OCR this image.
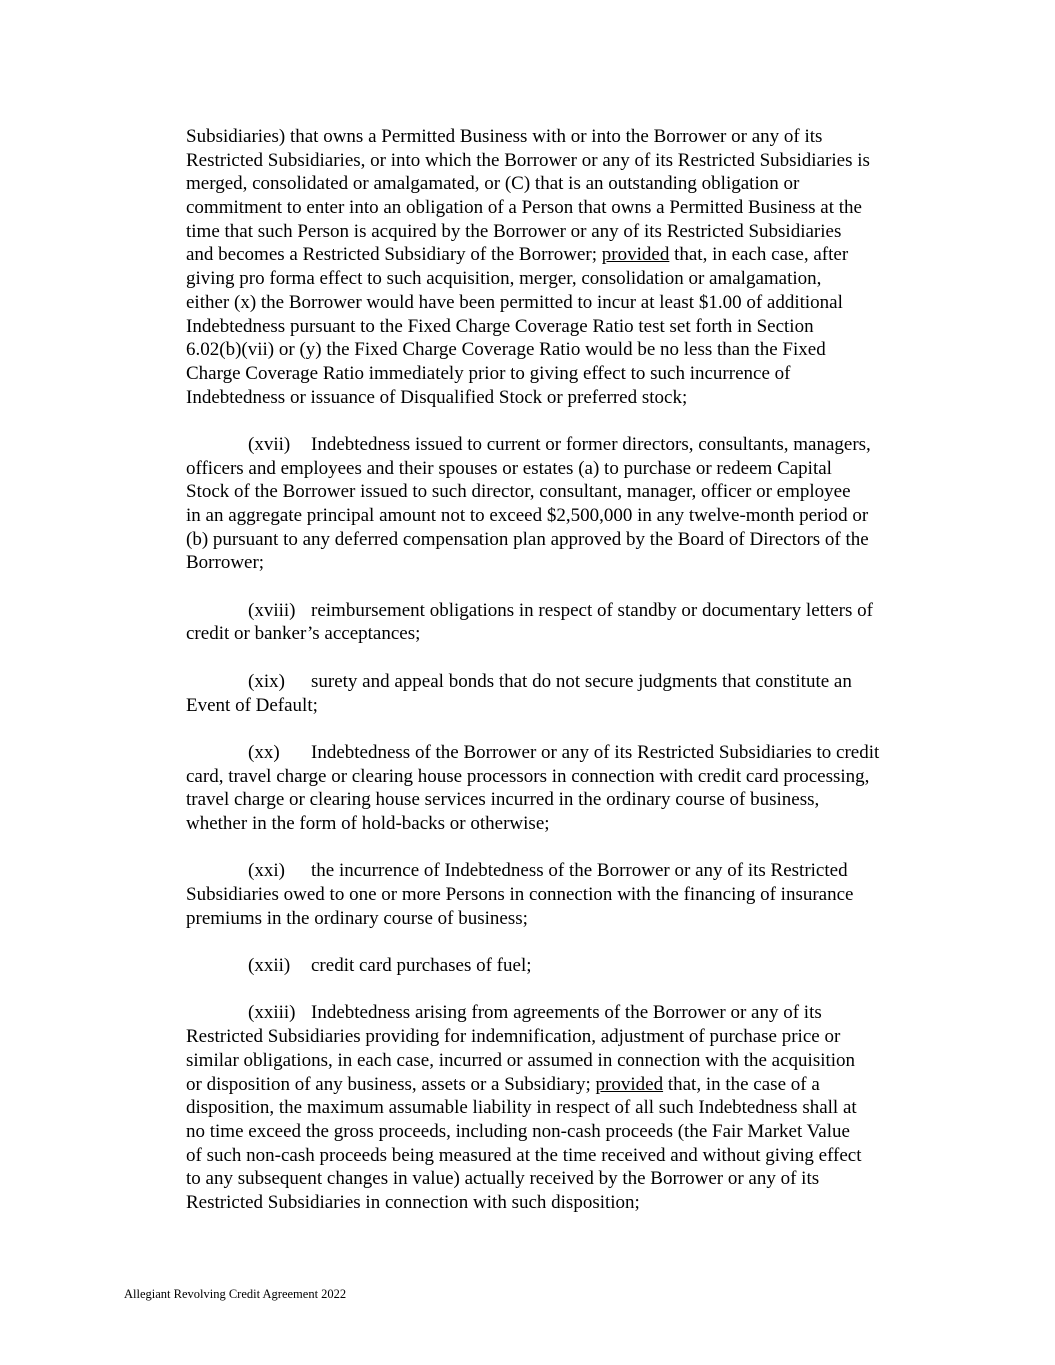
Subsidiaries) that owns a Permitted Business with or into the Borrower or any of its
Restricted Subsidiaries, or into which the Borrower or any of its Restricted Subsidiaries is
merged, consolidated or amalgamated, or (C) that is an outstanding obligation or
commitment to enter into an obligation of a Person that owns a Permitted Business at the
time that such Person is acquired by the Borrower or any of its Restricted Subsidiaries
and becomes a Restricted Subsidiary of the Borrower; provided that, in each case, after
giving pro forma effect to such acquisition, merger, consolidation or amalgamation,
either (x) the Borrower would have been permitted to incur at least $1.00 of additional
Indebtedness pursuant to the Fixed Charge Coverage Ratio test set forth in Section
6.02(b)(vii) or (y) the Fixed Charge Coverage Ratio would be no less than the Fixed
Charge Coverage Ratio immediately prior to giving effect to such incurrence of
Indebtedness or issuance of Disqualified Stock or preferred stock;
(xvii) Indebtedness issued to current or former directors, consultants, managers,
officers and employees and their spouses or estates (a) to purchase or redeem Capital
Stock of the Borrower issued to such director, consultant, manager, officer or employee
in an aggregate principal amount not to exceed $2,500,000 in any twelve-month period or
(b) pursuant to any deferred compensation plan approved by the Board of Directors of the
Borrower;
(xviii) reimbursement obligations in respect of standby or documentary letters of
credit or banker’s acceptances;
(xix) surety and appeal bonds that do not secure judgments that constitute an
Event of Default;
(xx) Indebtedness of the Borrower or any of its Restricted Subsidiaries to credit
card, travel charge or clearing house processors in connection with credit card processing,
travel charge or clearing house services incurred in the ordinary course of business,
whether in the form of hold-backs or otherwise;
(xxi) the incurrence of Indebtedness of the Borrower or any of its Restricted
Subsidiaries owed to one or more Persons in connection with the financing of insurance
premiums in the ordinary course of business;
(xxii) credit card purchases of fuel;
(xxiii) Indebtedness arising from agreements of the Borrower or any of its
Restricted Subsidiaries providing for indemnification, adjustment of purchase price or
similar obligations, in each case, incurred or assumed in connection with the acquisition
or disposition of any business, assets or a Subsidiary; provided that, in the case of a
disposition, the maximum assumable liability in respect of all such Indebtedness shall at
no time exceed the gross proceeds, including non-cash proceeds (the Fair Market Value
of such non-cash proceeds being measured at the time received and without giving effect
to any subsequent changes in value) actually received by the Borrower or any of its
Restricted Subsidiaries in connection with such disposition;
Allegiant Revolving Credit Agreement 2022
